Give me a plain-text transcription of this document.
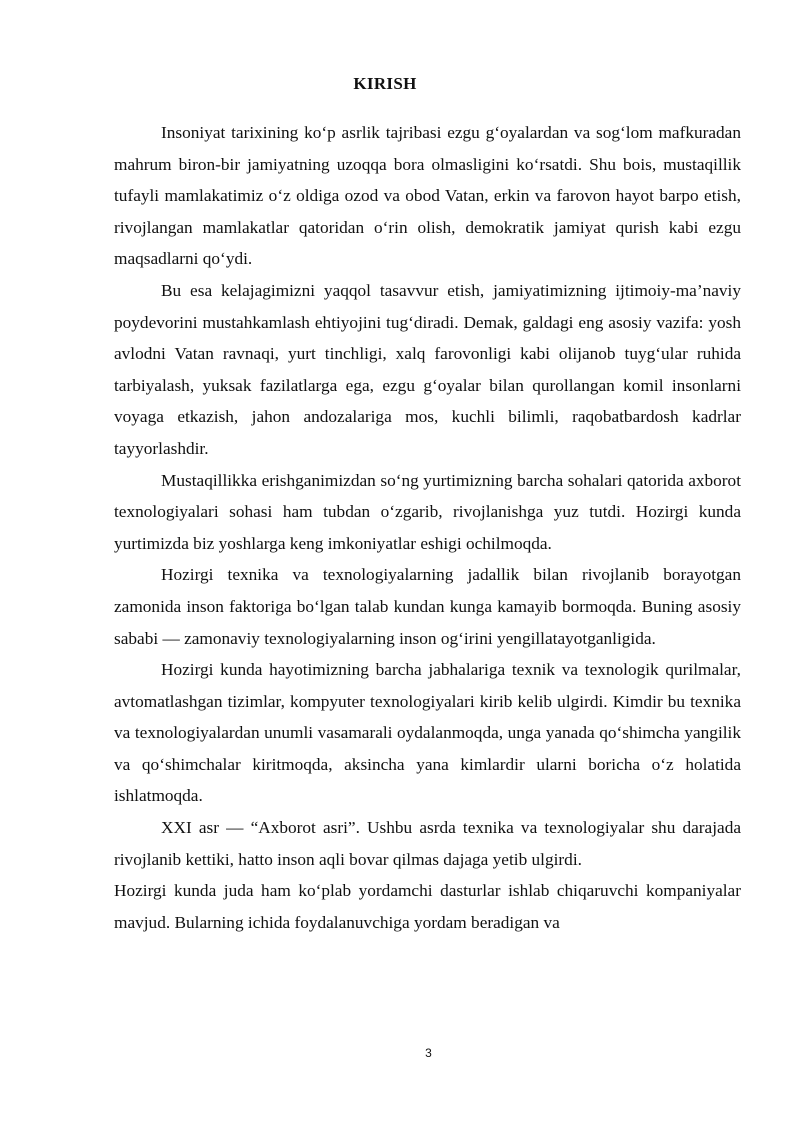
KIRISH

Insoniyat tarixining ko‘p asrlik tajribasi ezgu g‘oyalardan va sog‘lom mafkuradan mahrum biron-bir jamiyatning uzoqqa bora olmasligini ko‘rsatdi. Shu bois, mustaqillik tufayli mamlakatimiz o‘z oldiga ozod va obod Vatan, erkin va farovon hayot barpo etish, rivojlangan mamlakatlar qatoridan o‘rin olish, demokratik jamiyat qurish kabi ezgu maqsadlarni qo‘ydi.

Bu esa kelajagimizni yaqqol tasavvur etish, jamiyatimizning ijtimoiy-ma’naviy poydevorini mustahkamlash ehtiyojini tug‘diradi. Demak, galdagi eng asosiy vazifa: yosh avlodni Vatan ravnaqi, yurt tinchligi, xalq farovonligi kabi olijanob tuyg‘ular ruhida tarbiyalash, yuksak fazilatlarga ega, ezgu g‘oyalar bilan qurollangan komil insonlarni voyaga etkazish, jahon andozalariga mos, kuchli bilimli, raqobatbardosh kadrlar tayyorlashdir.

Mustaqillikka erishganimizdan so‘ng yurtimizning barcha sohalari qatorida axborot texnologiyalari sohasi ham tubdan o‘zgarib, rivojlanishga yuz tutdi. Hozirgi kunda yurtimizda biz yoshlarga keng imkoniyatlar eshigi ochilmoqda.

Hozirgi texnika va texnologiyalarning jadallik bilan rivojlanib borayotgan zamonida inson faktoriga bo‘lgan talab kundan kunga kamayib bormoqda. Buning asosiy sababi — zamonaviy texnologiyalarning inson og‘irini yengillatayotganligida.

Hozirgi kunda hayotimizning barcha jabhalariga texnik va texnologik qurilmalar, avtomatlashgan tizimlar, kompyuter texnologiyalari kirib kelib ulgirdi. Kimdir bu texnika va texnologiyalardan unumli vasamarali oydalanmoqda, unga yanada qo‘shimcha yangilik va qo‘shimchalar kiritmoqda, aksincha yana kimlardir ularni boricha o‘z holatida ishlatmoqda.

XXI asr — “Axborot asri”. Ushbu asrda texnika va texnologiyalar shu darajada rivojlanib kettiki, hatto inson aqli bovar qilmas dajaga yetib ulgirdi.

Hozirgi kunda juda ham ko‘plab yordamchi dasturlar ishlab chiqaruvchi kompaniyalar mavjud. Bularning ichida foydalanuvchiga yordam beradigan va

3
